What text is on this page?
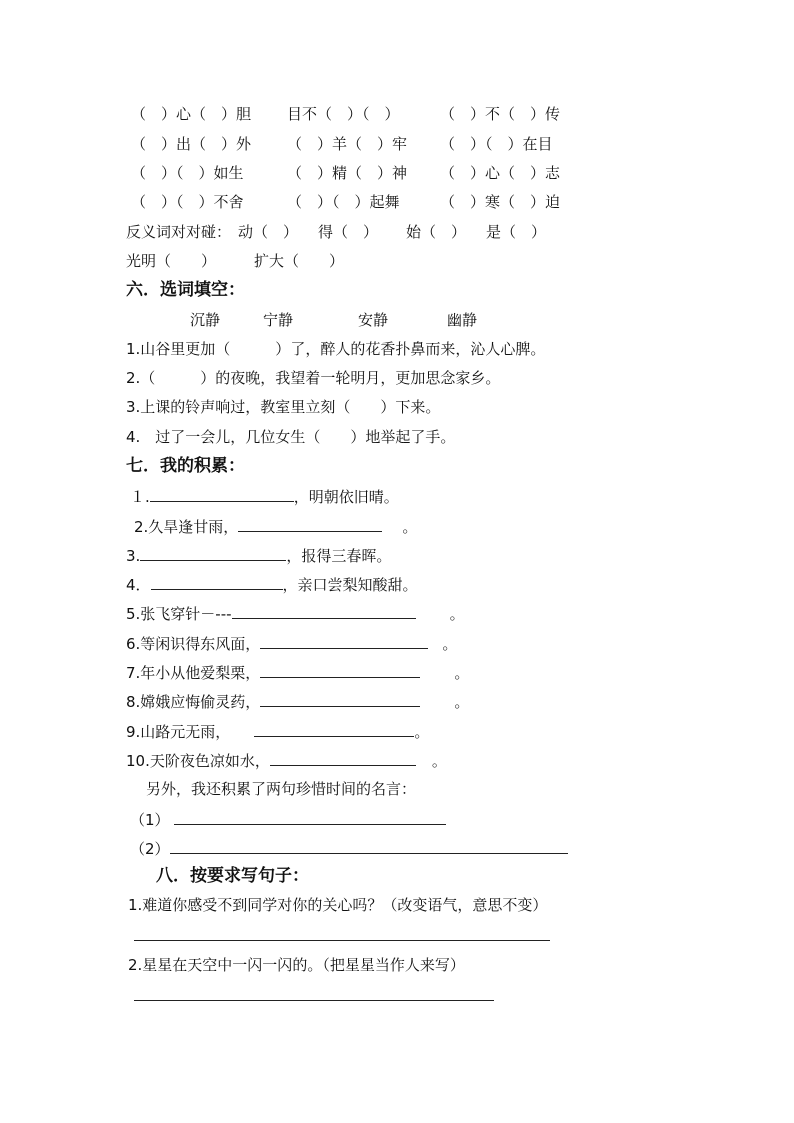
（　）心（　）胆 目不（　）（　）	（　）不（　）传
（　）出（　）外 （　）羊（　）牢 （　）（　）在目
（　）（　）如生	（　）精（　）神 （　）心（　）志
（　）（　）不舍	（　）（　）起舞	（　）寒（　）迫
反义词对对碰： 动（　） 得（　） 始（　） 是（　）
光明（　　）	扩大（　　）
六．选词填空：
沉静	宁静	安静	幽静
1.山谷里更加（　　　）了，醉人的花香扑鼻而来，沁人心脾。
2.（　　　）的夜晚，我望着一轮明月，更加思念家乡。
3.上课的铃声响过，教室里立刻（　　）下来。
4.　过了一会儿，几位女生（　　）地举起了手。
七．我的积累：
１.	，明朝依旧晴。
2.久旱逢甘雨，	。
3.	，报得三春晖。
4．	，亲口尝梨知酸甜。
5.张飞穿针－---	。
6.等闲识得东风面，	。
7.年小从他爱梨栗，	。
8.嫦娥应悔偷灵药，	。
9.山路元无雨，	。
10.天阶夜色凉如水，	。
另外，我还积累了两句珍惜时间的名言：
（1）
（2）
八．按要求写句子：
1.难道你感受不到同学对你的关心吗？（改变语气，意思不变）
2.星星在天空中一闪一闪的。（把星星当作人来写）
